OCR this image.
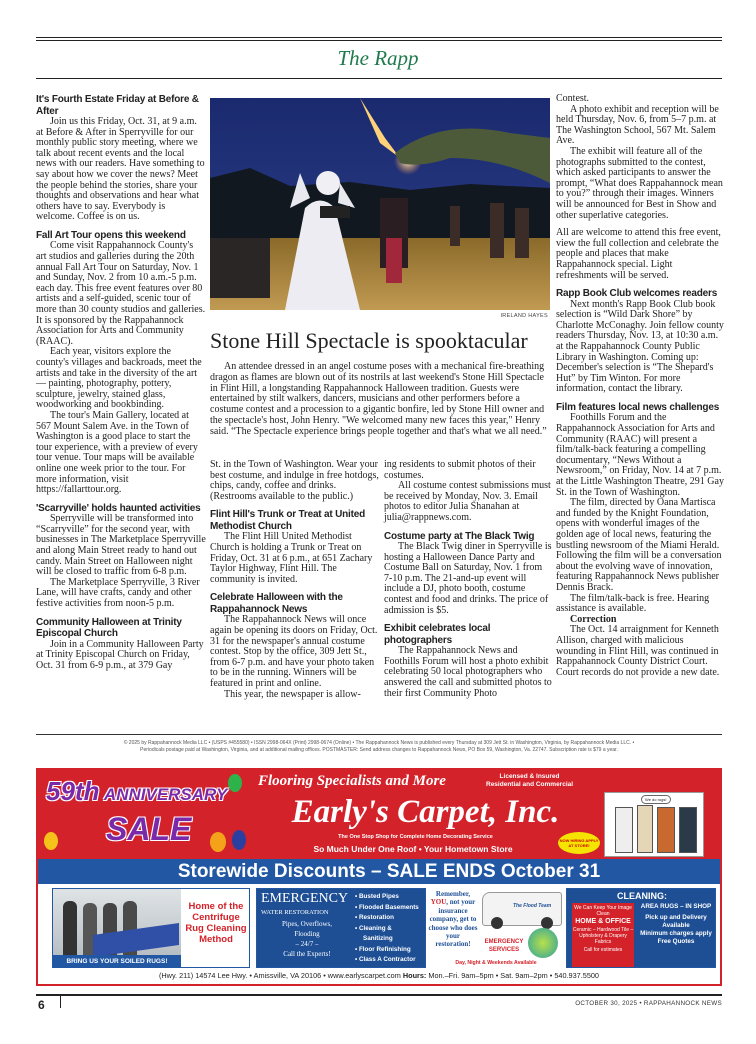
The Rapp
It's Fourth Estate Friday at Before & After

Join us this Friday, Oct. 31, at 9 a.m. at Before & After in Sperryville for our monthly public story meeting, where we talk about recent events and the local news with our readers. Have something to say about how we cover the news? Meet the people behind the stories, share your thoughts and observations and hear what others have to say. Everybody is welcome. Coffee is on us.

Fall Art Tour opens this weekend

Come visit Rappahannock County's art studios and galleries during the 20th annual Fall Art Tour on Saturday, Nov. 1 and Sunday, Nov. 2 from 10 a.m.-5 p.m. each day. This free event features over 80 artists and a self-guided, scenic tour of more than 30 county studios and galleries. It is sponsored by the Rappahannock Association for Arts and Community (RAAC).

Each year, visitors explore the county's villages and backroads, meet the artists and take in the diversity of the art — painting, photography, pottery, sculpture, jewelry, stained glass, woodworking and bookbinding.

The tour's Main Gallery, located at 567 Mount Salem Ave. in the Town of Washington is a good place to start the tour experience, with a preview of every tour venue. Tour maps will be available online one week prior to the tour. For more information, visit https://fallarttour.org.

'Scarryville' holds haunted activities

Sperryville will be transformed into “Scarryville” for the second year, with businesses in The Marketplace Sperryville and along Main Street ready to hand out candy. Main Street on Halloween night will be closed to traffic from 6-8 p.m.

The Marketplace Sperryville, 3 River Lane, will have crafts, candy and other festive activities from noon-5 p.m.

Community Halloween at Trinity Episcopal Church

Join in a Community Halloween Party at Trinity Episcopal Church on Friday, Oct. 31 from 6-9 p.m., at 379 Gay

St. in the Town of Washington. Wear your best costume, and indulge in free hotdogs, chips, candy, coffee and drinks. (Restrooms available to the public.)

Flint Hill's Trunk or Treat at United Methodist Church

The Flint Hill United Methodist Church is holding a Trunk or Treat on Friday, Oct. 31 at 6 p.m., at 651 Zachary Taylor Highway, Flint Hill. The community is invited.

Celebrate Halloween with the Rappahannock News

The Rappahannock News will once again be opening its doors on Friday, Oct. 31 for the newspaper's annual costume contest. Stop by the office, 309 Jett St., from 6-7 p.m. and have your photo taken to be in the running. Winners will be featured in print and online.

This year, the newspaper is allow-

ing residents to submit photos of their costumes.

All costume contest submissions must be received by Monday, Nov. 3. Email photos to editor Julia Shanahan at julia@rappnews.com.

Costume party at The Black Twig

The Black Twig diner in Sperryville is hosting a Halloween Dance Party and Costume Ball on Saturday, Nov. 1 from 7-10 p.m. The 21-and-up event will include a DJ, photo booth, costume contest and food and drinks. The price of admission is $5.

Exhibit celebrates local photographers

The Rappahannock News and Foothills Forum will host a photo exhibit celebrating 50 local photographers who answered the call and submitted photos to their first Community Photo

Contest.

A photo exhibit and reception will be held Thursday, Nov. 6, from 5–7 p.m. at The Washington School, 567 Mt. Salem Ave.

The exhibit will feature all of the photographs submitted to the contest, which asked participants to answer the prompt, “What does Rappahannock mean to you?” through their images. Winners will be announced for Best in Show and other superlative categories.

All are welcome to attend this free event, view the full collection and celebrate the people and places that make Rappahannock special. Light refreshments will be served.

Rapp Book Club welcomes readers

Next month's Rapp Book Club book selection is “Wild Dark Shore” by Charlotte McConaghy. Join fellow county readers Thursday, Nov. 13, at 10:30 a.m. at the Rappahannock County Public Library in Washington. Coming up: December's selection is “The Shepard's Hut” by Tim Winton. For more information, contact the library.

Film features local news challenges

Foothills Forum and the Rappahannock Association for Arts and Community (RAAC) will present a film/talk-back featuring a compelling documentary, “News Without a Newsroom,” on Friday, Nov. 14 at 7 p.m. at the Little Washington Theatre, 291 Gay St. in the Town of Washington.

The film, directed by Oana Martisca and funded by the Knight Foundation, opens with wonderful images of the golden age of local news, featuring the bustling newsroom of the Miami Herald. Following the film will be a conversation about the evolving wave of innovation, featuring Rappahannock News publisher Dennis Brack.

The film/talk-back is free. Hearing assistance is available.

Correction

The Oct. 14 arraignment for Kenneth Allison, charged with malicious wounding in Flint Hill, was continued in Rappahannock County District Court. Court records do not provide a new date.

IRELAND HAYES
Stone Hill Spectacle is spooktacular

An attendee dressed in an angel costume poses with a mechanical fire-breathing dragon as flames are blown out of its nostrils at last weekend's Stone Hill Spectacle in Flint Hill, a longstanding Rappahannock Halloween tradition. Guests were entertained by stilt walkers, dancers, musicians and other performers before a costume contest and a procession to a gigantic bonfire, led by Stone Hill owner and the spectacle's host, John Henry. "We welcomed many new faces this year," Henry said. “The Spectacle experience brings people together and that's what we all need.”

© 2025 by Rappahannock Media LLC • (USPS #455580) • ISSN 2998-064X (Print) 2998-0674 (Online) • The Rappahannock News is published every Thursday at 309 Jett St. in Washington, Virginia, by Rappahannock Media LLC. •
Periodicals postage paid at Washington, Virginia, and at additional mailing offices. POSTMASTER: Send address changes to Rappahannock News, PO Box 59, Washington, Va. 22747. Subscription rate is $79 a year.
59th ANNIVERSARY
SALE
Flooring Specialists and More	Licensed & Insured
Residential and Commercial
Early's Carpet, Inc.
The One Stop Shop for Complete Home Decorating Service
So Much Under One Roof • Your Hometown Store
NOW HIRING APPLY AT STORE!
We do rugs!
Storewide Discounts – SALE ENDS October 31
BRING US YOUR SOILED RUGS!
Home of the Centrifuge Rug Cleaning Method
EMERGENCY
WATER RESTORATION
Pipes, Overflows,
Flooding
– 24/7 –
Call the Experts!
• Busted Pipes
• Flooded Basements
• Restoration
• Cleaning &
Sanitizing
• Floor Refinishing
• Class A Contractor
Remember,
YOU, not your insurance company, get to choose who does your restoration!
The Flood Team
EMERGENCY SERVICES
Day, Night & Weekends Available
CLEANING:
We Can Keep Your Image Clean
HOME & OFFICE
Ceramic – Hardwood Tile – Upholstery & Drapery Fabrics
Call for estimates
AREA RUGS – IN SHOP
Pick up and Delivery Available
Minimum charges apply
Free Quotes
(Hwy. 211) 14574 Lee Hwy. • Amissville, VA 20106 • www.earlyscarpet.com Hours: Mon.–Fri. 9am–5pm • Sat. 9am–2pm • 540.937.5500
6	OCTOBER 30, 2025 • RAPPAHANNOCK NEWS
